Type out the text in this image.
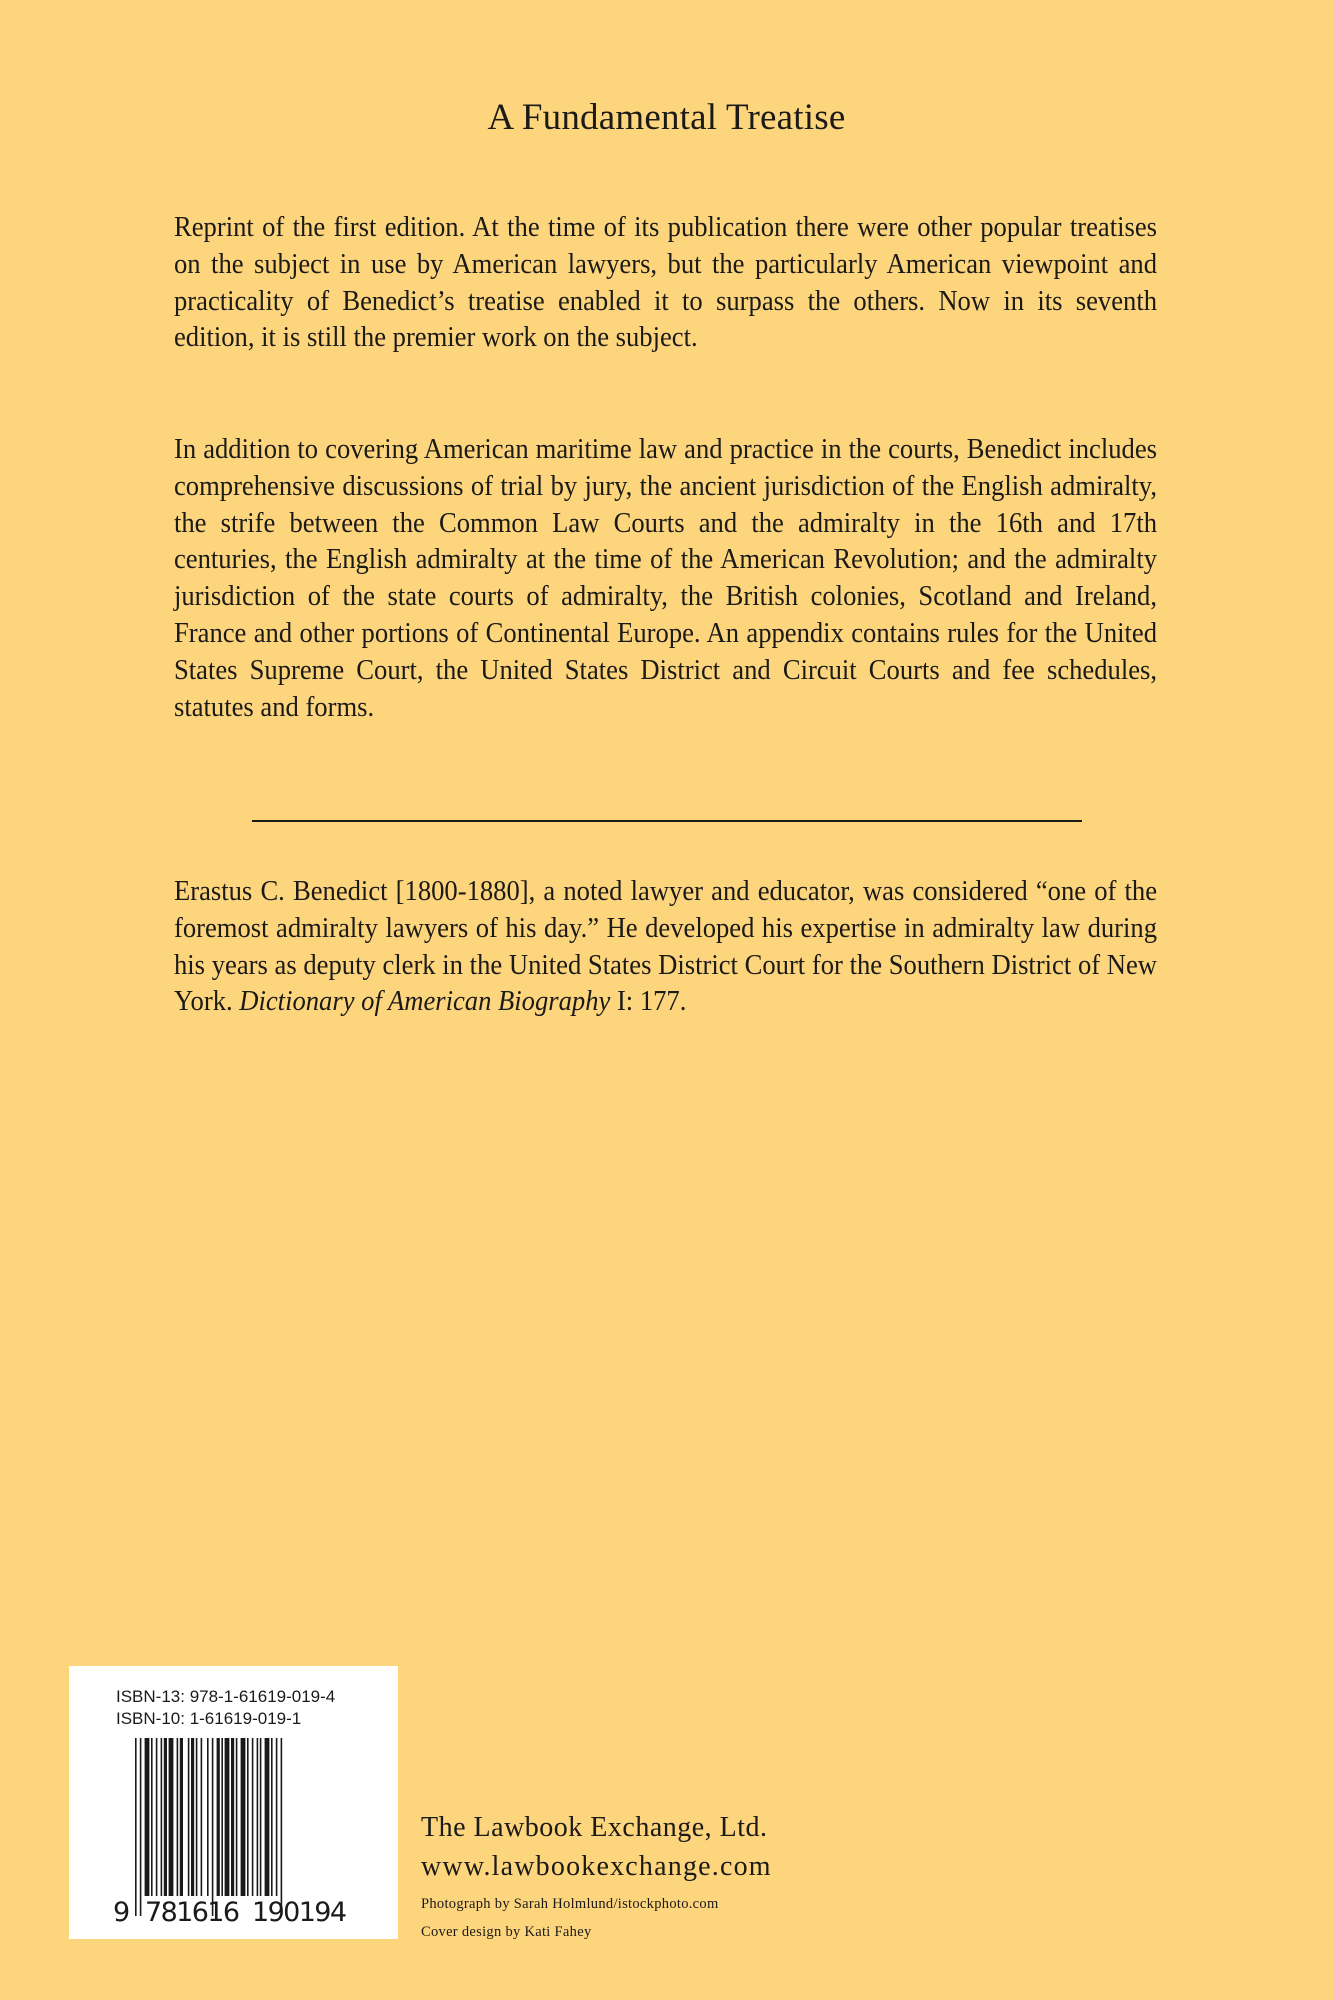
A Fundamental Treatise
Reprint of the first edition. At the time of its publication there were other popular treatises on the subject in use by American lawyers, but the particularly American viewpoint and practicality of Benedict’s treatise enabled it to surpass the others. Now in its seventh edition, it is still the premier work on the subject.
In addition to covering American maritime law and practice in the courts, Benedict includes comprehensive discussions of trial by jury, the ancient jurisdiction of the English admiralty, the strife between the Common Law Courts and the admiralty in the 16th and 17th centuries, the English admiralty at the time of the American Revolution; and the admiralty jurisdiction of the state courts of admiralty, the British colonies, Scotland and Ireland, France and other portions of Continental Europe. An appendix contains rules for the United States Supreme Court, the United States District and Circuit Courts and fee schedules, statutes and forms.
Erastus C. Benedict [1800-1880], a noted lawyer and educator, was considered “one of the foremost admiralty lawyers of his day.” He developed his expertise in admiralty law during his years as deputy clerk in the United States District Court for the Southern District of New York. Dictionary of American Biography I: 177.
ISBN-13: 978-1-61619-019-4
ISBN-10: 1-61619-019-1
9 781616 190194
The Lawbook Exchange, Ltd.
www.lawbookexchange.com
Photograph by Sarah Holmlund/istockphoto.com
Cover design by Kati Fahey
